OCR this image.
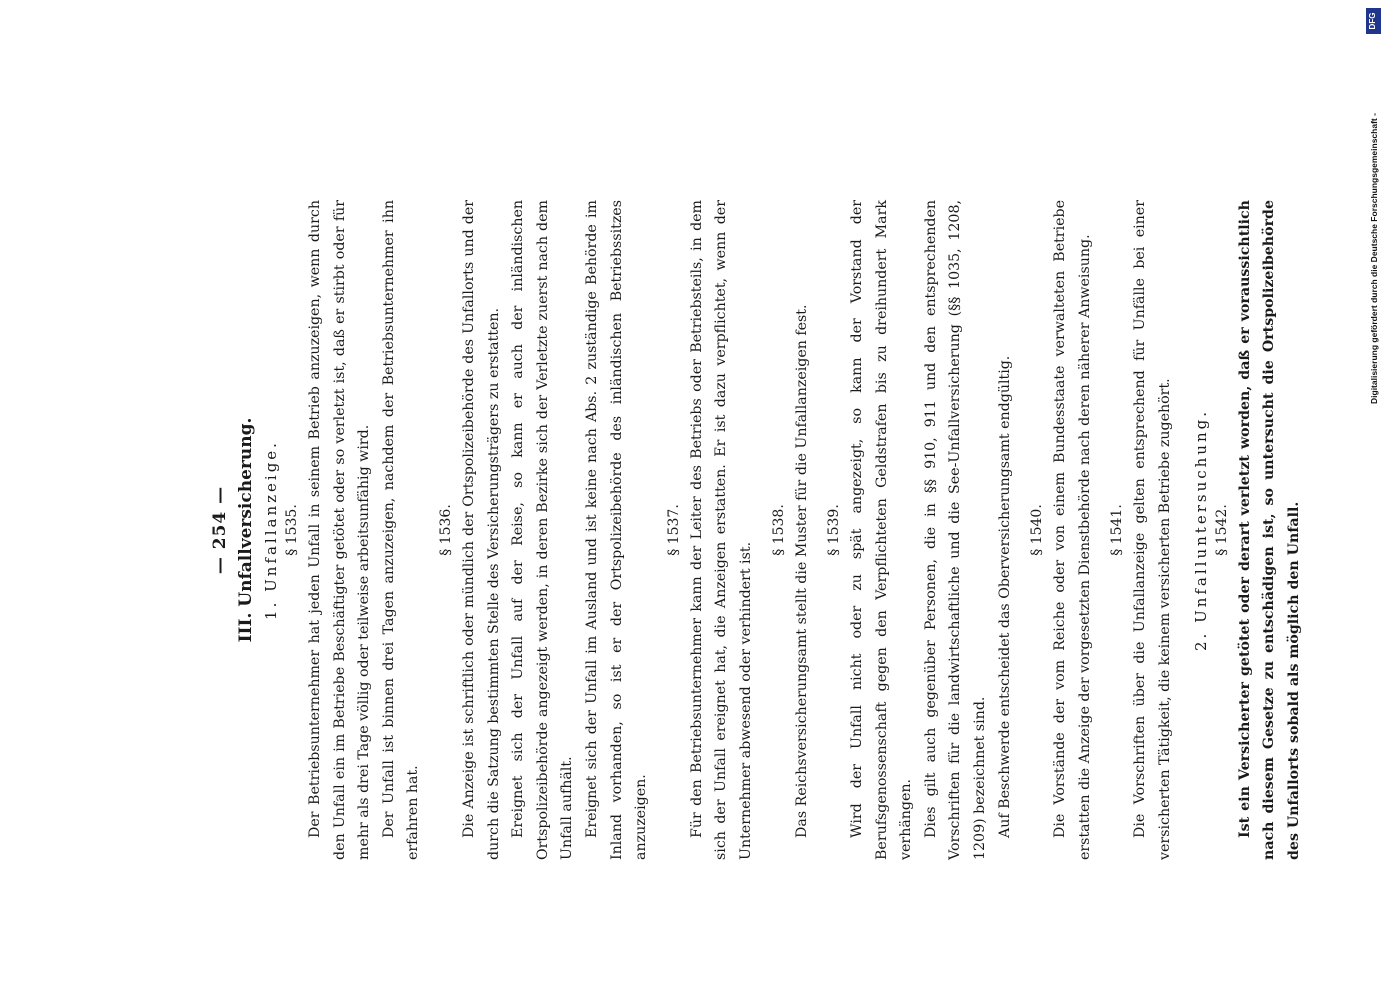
— 254 — III. Unfallversicherung. 1. Unfallanzeige. § 1535. Der Betriebsunternehmer hat jeden Unfall in seinem Betrieb anzuzeigen, wenn durch den Unfall ein im Betriebe Beschäftigter getötet oder so verletzt ist, daß er stirbt oder für mehr als drei Tage völlig oder teilweise arbeitsunfähig wird. Der Unfall ist binnen drei Tagen anzuzeigen, nachdem der Betriebsunternehmer ihn erfahren hat.

§ 1536. Die Anzeige ist schriftlich oder mündlich der Ortspolizeibehörde des Unfallorts und der durch die Satzung bestimmten Stelle des Versicherungsträgers zu erstatten. Ereignet sich der Unfall auf der Reise, so kann er auch der inländischen Ortspolizeibehörde angezeigt werden, in deren Bezirke sich der Verletzte zuerst nach dem Unfall aufhält. Ereignet sich der Unfall im Ausland und ist keine nach Abs. 2 zuständige Behörde im Inland vorhanden, so ist er der Ortspolizeibehörde des inländischen Betriebssitzes anzuzeigen.

§ 1537. Für den Betriebsunternehmer kann der Leiter des Betriebs oder Betriebsteils, in dem sich der Unfall ereignet hat, die Anzeigen erstatten. Er ist dazu verpflichtet, wenn der Unternehmer abwesend oder verhindert ist.

§ 1538. Das Reichsversicherungsamt stellt die Muster für die Unfallanzeigen fest.	§ 1539. Wird der Unfall nicht oder zu spät angezeigt, so kann der Vorstand der Berufsgenossenschaft gegen den Verpflichteten Geldstrafen bis zu dreihundert Mark verhängen. Dies gilt auch gegenüber Personen, die in §§ 910, 911 und den entsprechenden Vorschriften für die landwirtschaftliche und die See-Unfallversicherung (§§ 1035, 1208, 1209) bezeichnet sind. Auf Beschwerde entscheidet das Oberversicherungsamt endgültig.	§ 1540. Die Vorstände der vom Reiche oder von einem Bundesstaate verwalteten Betriebe erstatten die Anzeige der vorgesetzten Dienstbehörde nach deren näherer Anweisung.	§ 1541. Die Vorschriften über die Unfallanzeige gelten entsprechend für Unfälle bei einer versicherten Tätigkeit, die keinem versicherten Betriebe zugehört.	2. Unfalluntersuchung. § 1542. Ist ein Versicherter getötet oder derart verletzt worden, daß er voraussichtlich nach diesem Gesetze zu entschädigen ist, so untersucht die Ortspolizeibehörde des Unfallorts sobald als möglich den Unfall.

DFG
Digitalisierung gefördert durch die Deutsche Forschungsgemeinschaft -
